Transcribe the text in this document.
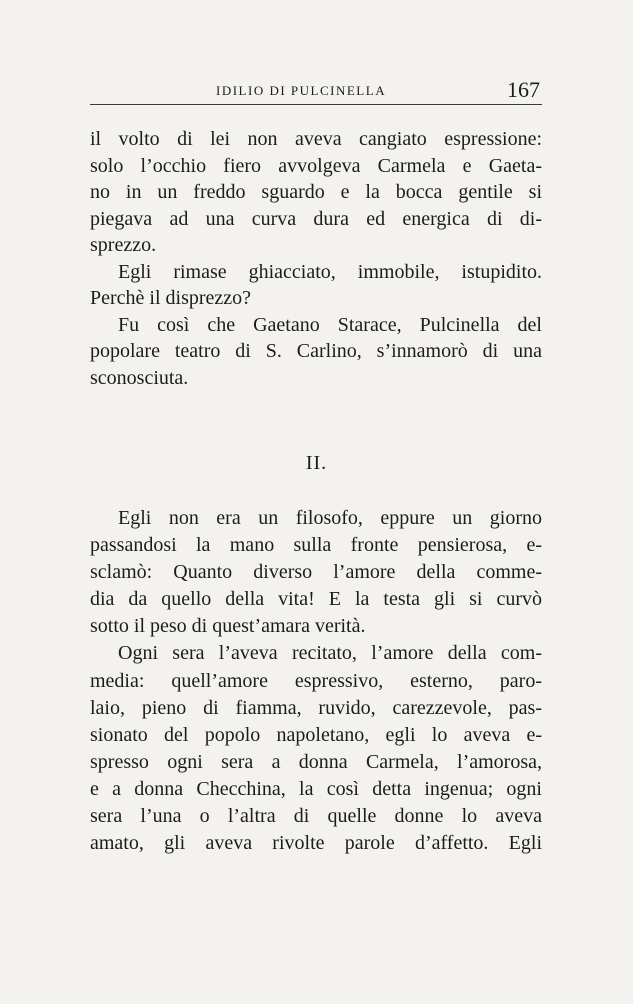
IDILIO DI PULCINELLA	167
il volto di lei non aveva cangiato espressione:
solo l’occhio fiero avvolgeva Carmela e Gaeta-
no in un freddo sguardo e la bocca gentile si
piegava ad una curva dura ed energica di di-
sprezzo.
Egli rimase ghiacciato, immobile, istupidito.
Perchè il disprezzo?
Fu così che Gaetano Starace, Pulcinella del
popolare teatro di S. Carlino, s’innamorò di una
sconosciuta.
II.
Egli non era un filosofo, eppure un giorno
passandosi la mano sulla fronte pensierosa, e-
sclamò: Quanto diverso l’amore della comme-
dia da quello della vita! E la testa gli si curvò
sotto il peso di quest’amara verità.
Ogni sera l’aveva recitato, l’amore della com-
media: quell’amore espressivo, esterno, paro-
laio, pieno di fiamma, ruvido, carezzevole, pas-
sionato del popolo napoletano, egli lo aveva e-
spresso ogni sera a donna Carmela, l’amorosa,
e a donna Checchina, la così detta ingenua; ogni
sera l’una o l’altra di quelle donne lo aveva
amato, gli aveva rivolte parole d’affetto. Egli
